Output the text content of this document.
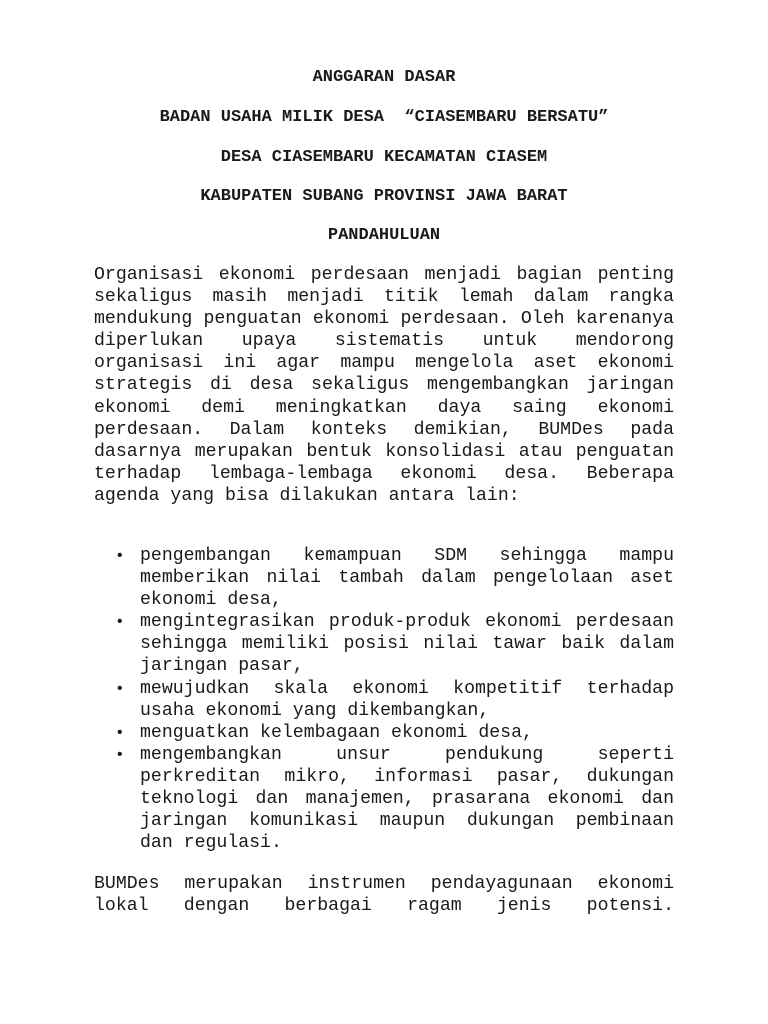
ANGGARAN DASAR
BADAN USAHA MILIK DESA  “CIASEMBARU BERSATU”
DESA CIASEMBARU KECAMATAN CIASEM
KABUPATEN SUBANG PROVINSI JAWA BARAT
PANDAHULUAN
Organisasi ekonomi perdesaan menjadi bagian penting sekaligus masih menjadi titik lemah dalam rangka mendukung penguatan ekonomi perdesaan. Oleh karenanya diperlukan upaya sistematis untuk mendorong organisasi ini agar mampu mengelola aset ekonomi strategis di desa sekaligus mengembangkan jaringan ekonomi demi meningkatkan daya saing ekonomi perdesaan. Dalam konteks demikian, BUMDes pada dasarnya merupakan bentuk konsolidasi atau penguatan terhadap lembaga-lembaga ekonomi desa. Beberapa agenda yang bisa dilakukan antara lain:
• pengembangan kemampuan SDM sehingga mampu memberikan nilai tambah dalam pengelolaan aset ekonomi desa,
• mengintegrasikan produk-produk ekonomi perdesaan sehingga memiliki posisi nilai tawar baik dalam jaringan pasar,
• mewujudkan skala ekonomi kompetitif terhadap usaha ekonomi yang dikembangkan,
• menguatkan kelembagaan ekonomi desa,
• mengembangkan unsur pendukung seperti perkreditan mikro, informasi pasar, dukungan teknologi dan manajemen, prasarana ekonomi dan jaringan komunikasi maupun dukungan pembinaan dan regulasi.
BUMDes merupakan instrumen pendayagunaan ekonomi lokal dengan berbagai ragam jenis potensi.
